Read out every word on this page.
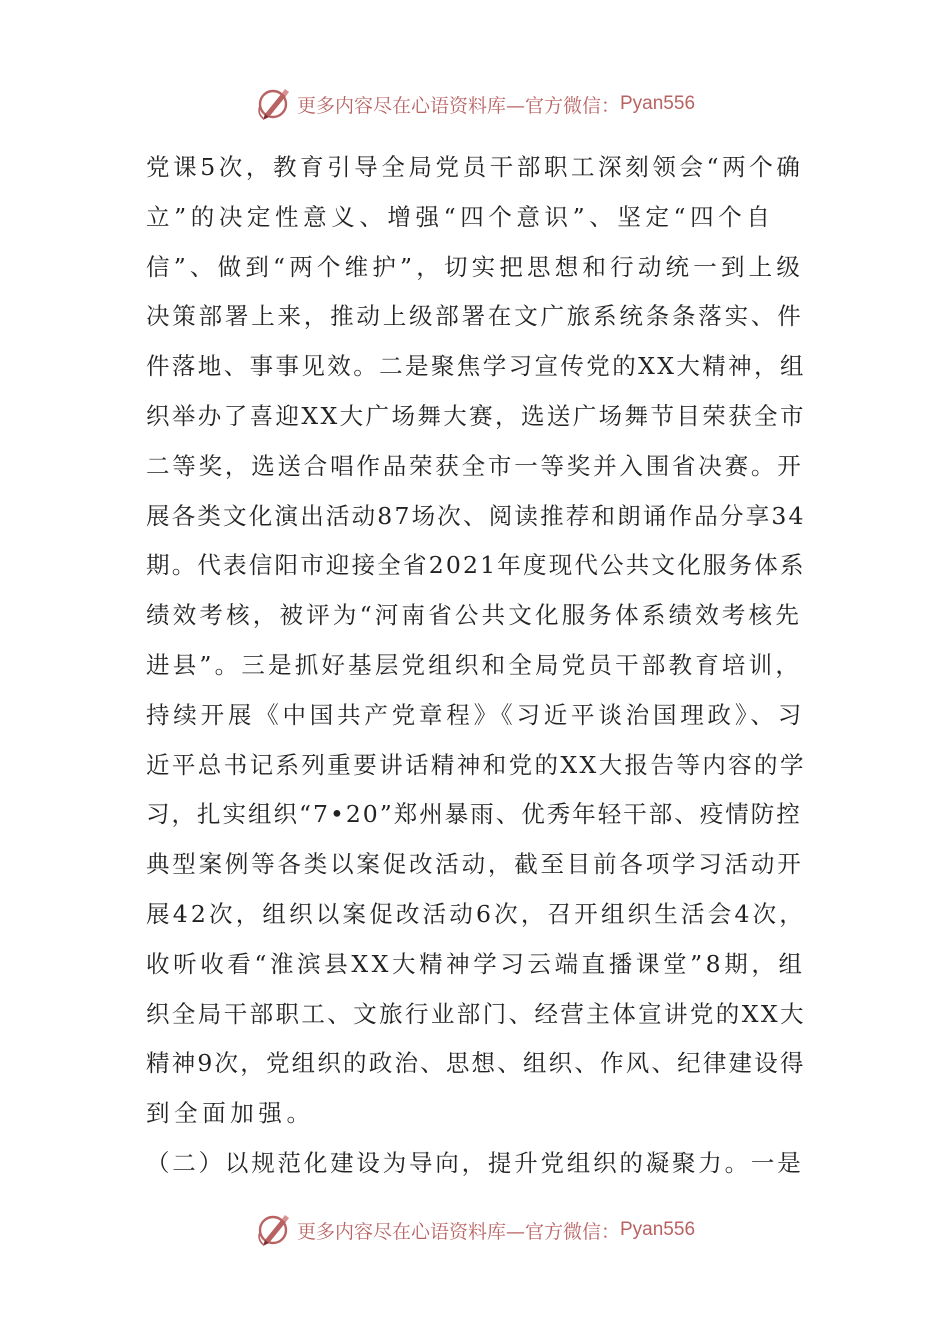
更多内容尽在心语资料库—官方微信： Pyan556
党课5次，教育引导全局党员干部职工深刻领会“两个确
立”的决定性意义、增强“四个意识”、坚定“四个自
信”、做到“两个维护”，切实把思想和行动统一到上级
决策部署上来，推动上级部署在文广旅系统条条落实、件
件落地、事事见效。二是聚焦学习宣传党的XX大精神，组
织举办了喜迎XX大广场舞大赛，选送广场舞节目荣获全市
二等奖，选送合唱作品荣获全市一等奖并入围省决赛。开
展各类文化演出活动87场次、阅读推荐和朗诵作品分享34
期。代表信阳市迎接全省2021年度现代公共文化服务体系
绩效考核，被评为“河南省公共文化服务体系绩效考核先
进县”。三是抓好基层党组织和全局党员干部教育培训，
持续开展《中国共产党章程》《习近平谈治国理政》、习
近平总书记系列重要讲话精神和党的XX大报告等内容的学
习，扎实组织“7•20”郑州暴雨、优秀年轻干部、疫情防控
典型案例等各类以案促改活动，截至目前各项学习活动开
展42次，组织以案促改活动6次，召开组织生活会4次，
收听收看“淮滨县XX大精神学习云端直播课堂”8期，组
织全局干部职工、文旅行业部门、经营主体宣讲党的XX大
精神9次，党组织的政治、思想、组织、作风、纪律建设得
到全面加强。
（二）以规范化建设为导向，提升党组织的凝聚力。一是
更多内容尽在心语资料库—官方微信： Pyan556
